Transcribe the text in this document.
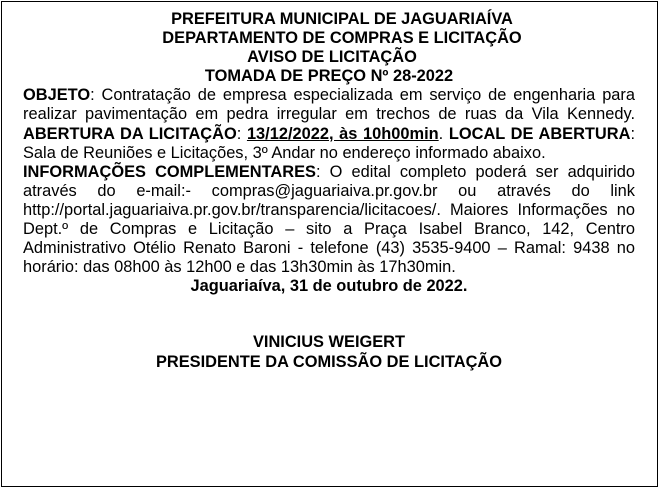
PREFEITURA MUNICIPAL DE JAGUARIAÍVA
DEPARTAMENTO DE COMPRAS E LICITAÇÃO
AVISO DE LICITAÇÃO
TOMADA DE PREÇO Nº 28-2022

OBJETO: Contratação de empresa especializada em serviço de engenharia para realizar pavimentação em pedra irregular em trechos de ruas da Vila Kennedy. ABERTURA DA LICITAÇÃO: 13/12/2022, às 10h00min. LOCAL DE ABERTURA: Sala de Reuniões e Licitações, 3º Andar no endereço informado abaixo.

INFORMAÇÕES COMPLEMENTARES: O edital completo poderá ser adquirido através do e-mail:- compras@jaguariaiva.pr.gov.br ou através do link http://portal.jaguariaiva.pr.gov.br/transparencia/licitacoes/. Maiores Informações no Dept.º de Compras e Licitação – sito a Praça Isabel Branco, 142, Centro Administrativo Otélio Renato Baroni - telefone (43) 3535-9400 – Ramal: 9438 no horário: das 08h00 às 12h00 e das 13h30min às 17h30min.

Jaguariaíva, 31 de outubro de 2022.
VINICIUS WEIGERT
PRESIDENTE DA COMISSÃO DE LICITAÇÃO
